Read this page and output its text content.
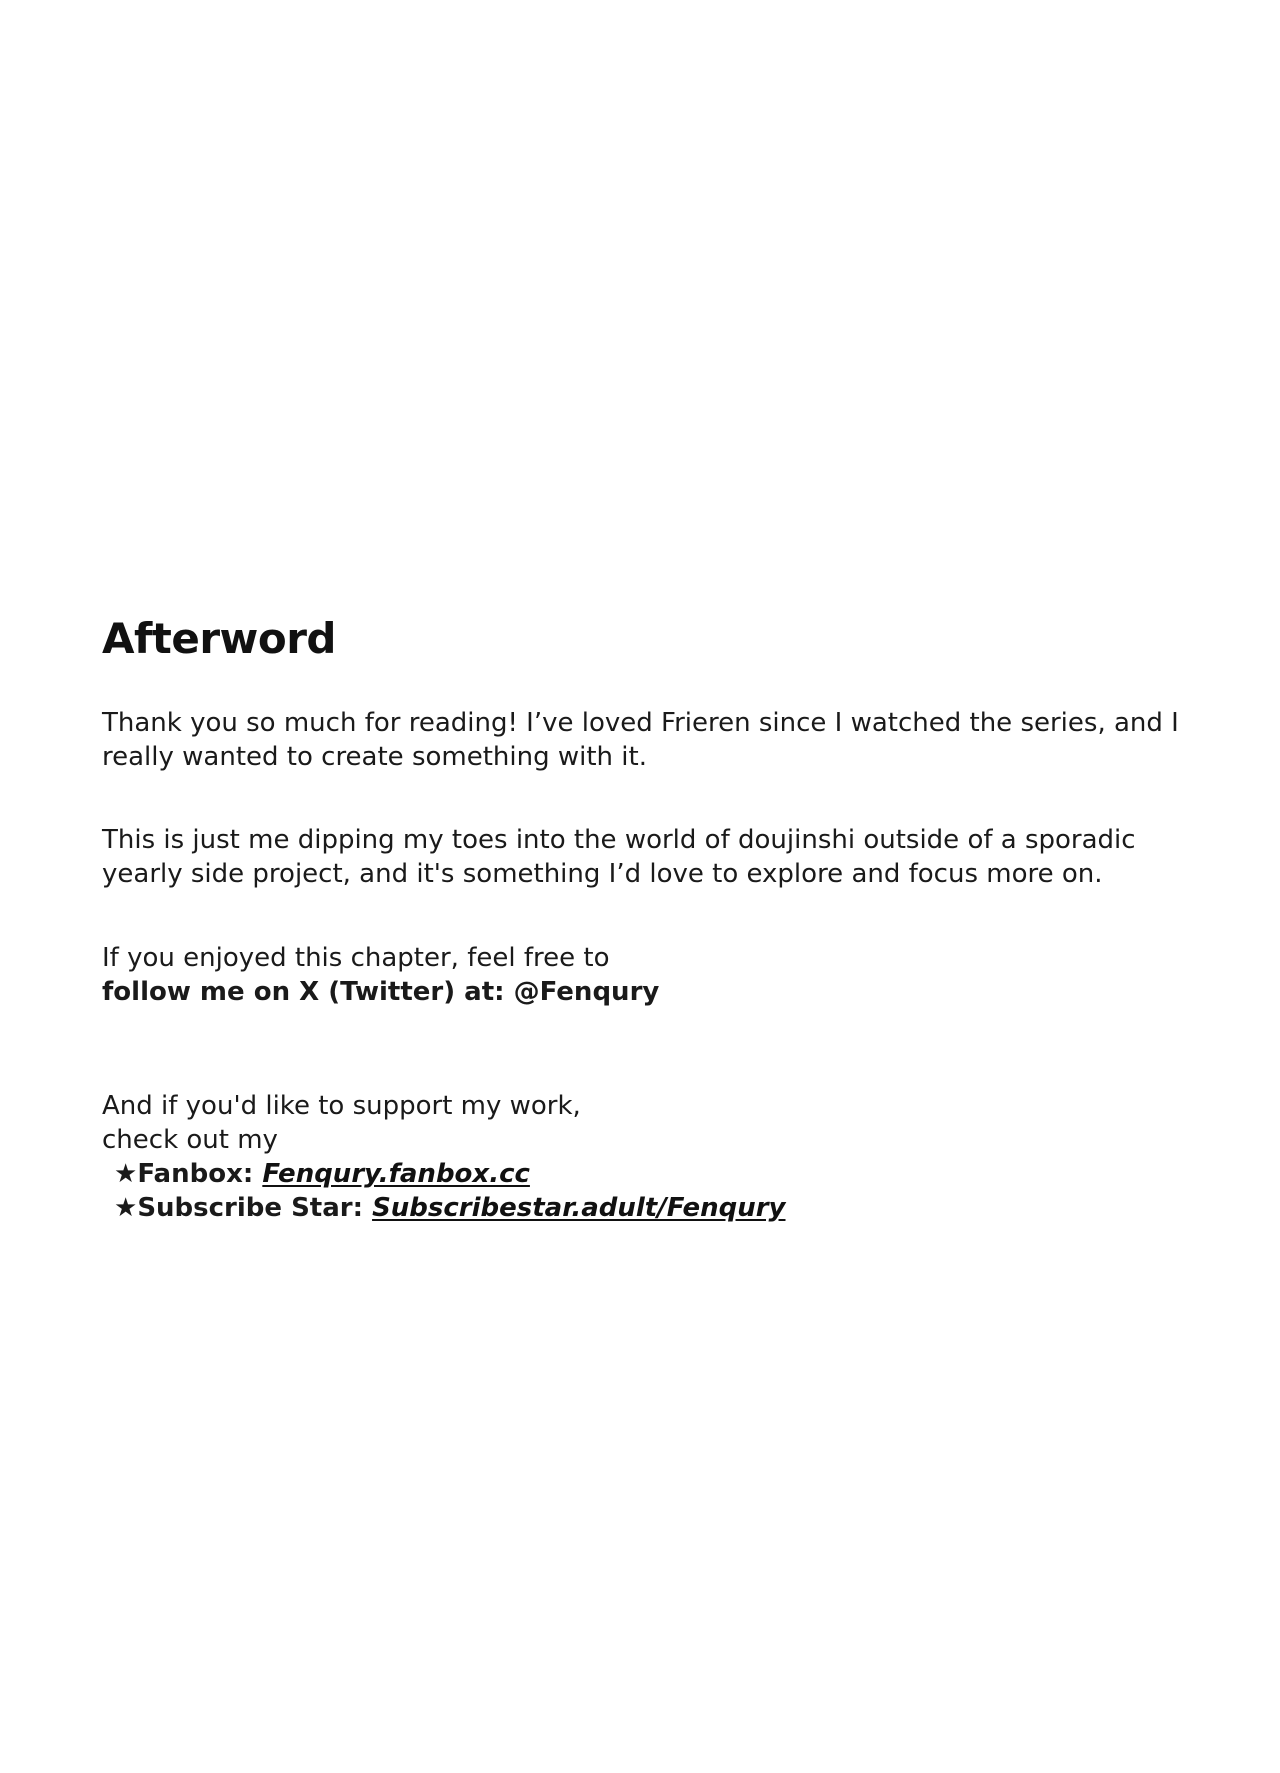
Afterword

Thank you so much for reading! I’ve loved Frieren since I watched the series, and I
really wanted to create something with it.

This is just me dipping my toes into the world of doujinshi outside of a sporadic
yearly side project, and it's something I’d love to explore and focus more on.

If you enjoyed this chapter, feel free to
follow me on X (Twitter) at: @Fenqury

And if you'd like to support my work,
check out my
★Fanbox: Fenqury.fanbox.cc
★Subscribe Star: Subscribestar.adult/Fenqury
